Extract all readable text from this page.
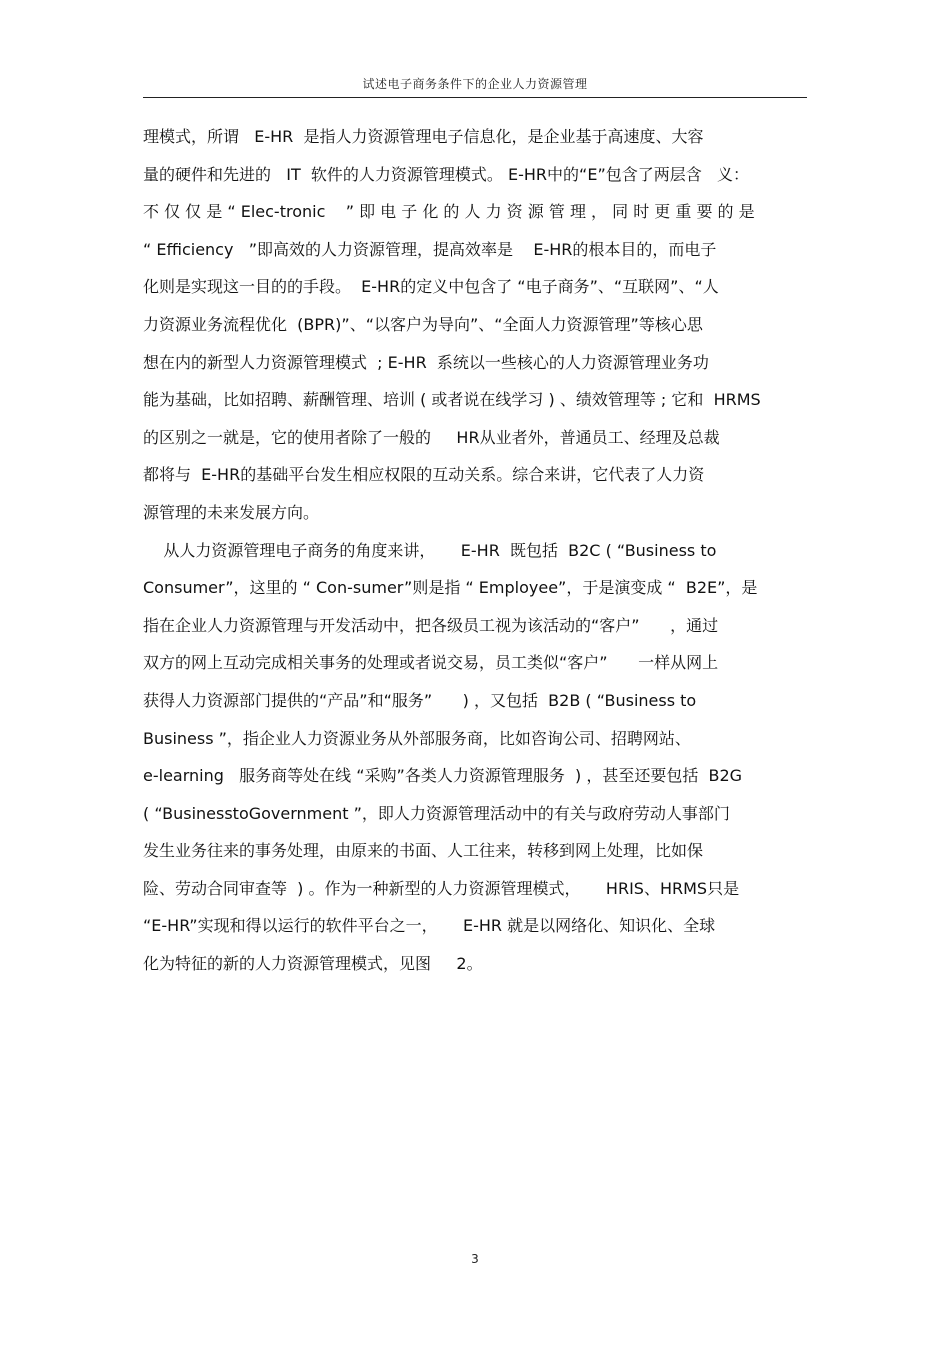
试述电子商务条件下的企业人力资源管理
理模式，所谓   E-HR  是指人力资源管理电子信息化，是企业基于高速度、大容
量的硬件和先进的   IT  软件的人力资源管理模式。 E-HR中的“E”包含了两层含   义：
不 仅 仅 是 “ Elec-tronic    ” 即 电 子 化 的 人 力 资 源 管 理 ， 同 时 更 重 要 的 是
“ Efficiency   ”即高效的人力资源管理，提高效率是    E-HR的根本目的，而电子
化则是实现这一目的的手段。  E-HR的定义中包含了 “电子商务”、“互联网”、“人
力资源业务流程优化  (BPR)”、“以客户为导向”、“全面人力资源管理”等核心思
想在内的新型人力资源管理模式  ; E-HR  系统以一些核心的人力资源管理业务功
能为基础，比如招聘、薪酬管理、培训 ( 或者说在线学习 ) 、绩效管理等 ; 它和  HRMS
的区别之一就是，它的使用者除了一般的     HR从业者外，普通员工、经理及总裁
都将与  E-HR的基础平台发生相应权限的互动关系。综合来讲，它代表了人力资
源管理的未来发展方向。
从人力资源管理电子商务的角度来讲，     E-HR  既包括  B2C ( “Business to
Consumer”，这里的 “ Con-sumer”则是指 “ Employee”，于是演变成 “  B2E”，是
指在企业人力资源管理与开发活动中，把各级员工视为该活动的“客户”      ，通过
双方的网上互动完成相关事务的处理或者说交易，员工类似“客户”      一样从网上
获得人力资源部门提供的“产品”和“服务”      ) ，又包括  B2B ( “Business to
Business ”，指企业人力资源业务从外部服务商，比如咨询公司、招聘网站、
e-learning   服务商等处在线 “采购”各类人力资源管理服务  ) ，甚至还要包括  B2G
( “BusinesstoGovernment ”，即人力资源管理活动中的有关与政府劳动人事部门
发生业务往来的事务处理，由原来的书面、人工往来，转移到网上处理，比如保
险、劳动合同审查等  ) 。作为一种新型的人力资源管理模式，     HRIS、HRMS只是
“E-HR”实现和得以运行的软件平台之一，     E-HR 就是以网络化、知识化、全球
化为特征的新的人力资源管理模式，见图     2。
3
